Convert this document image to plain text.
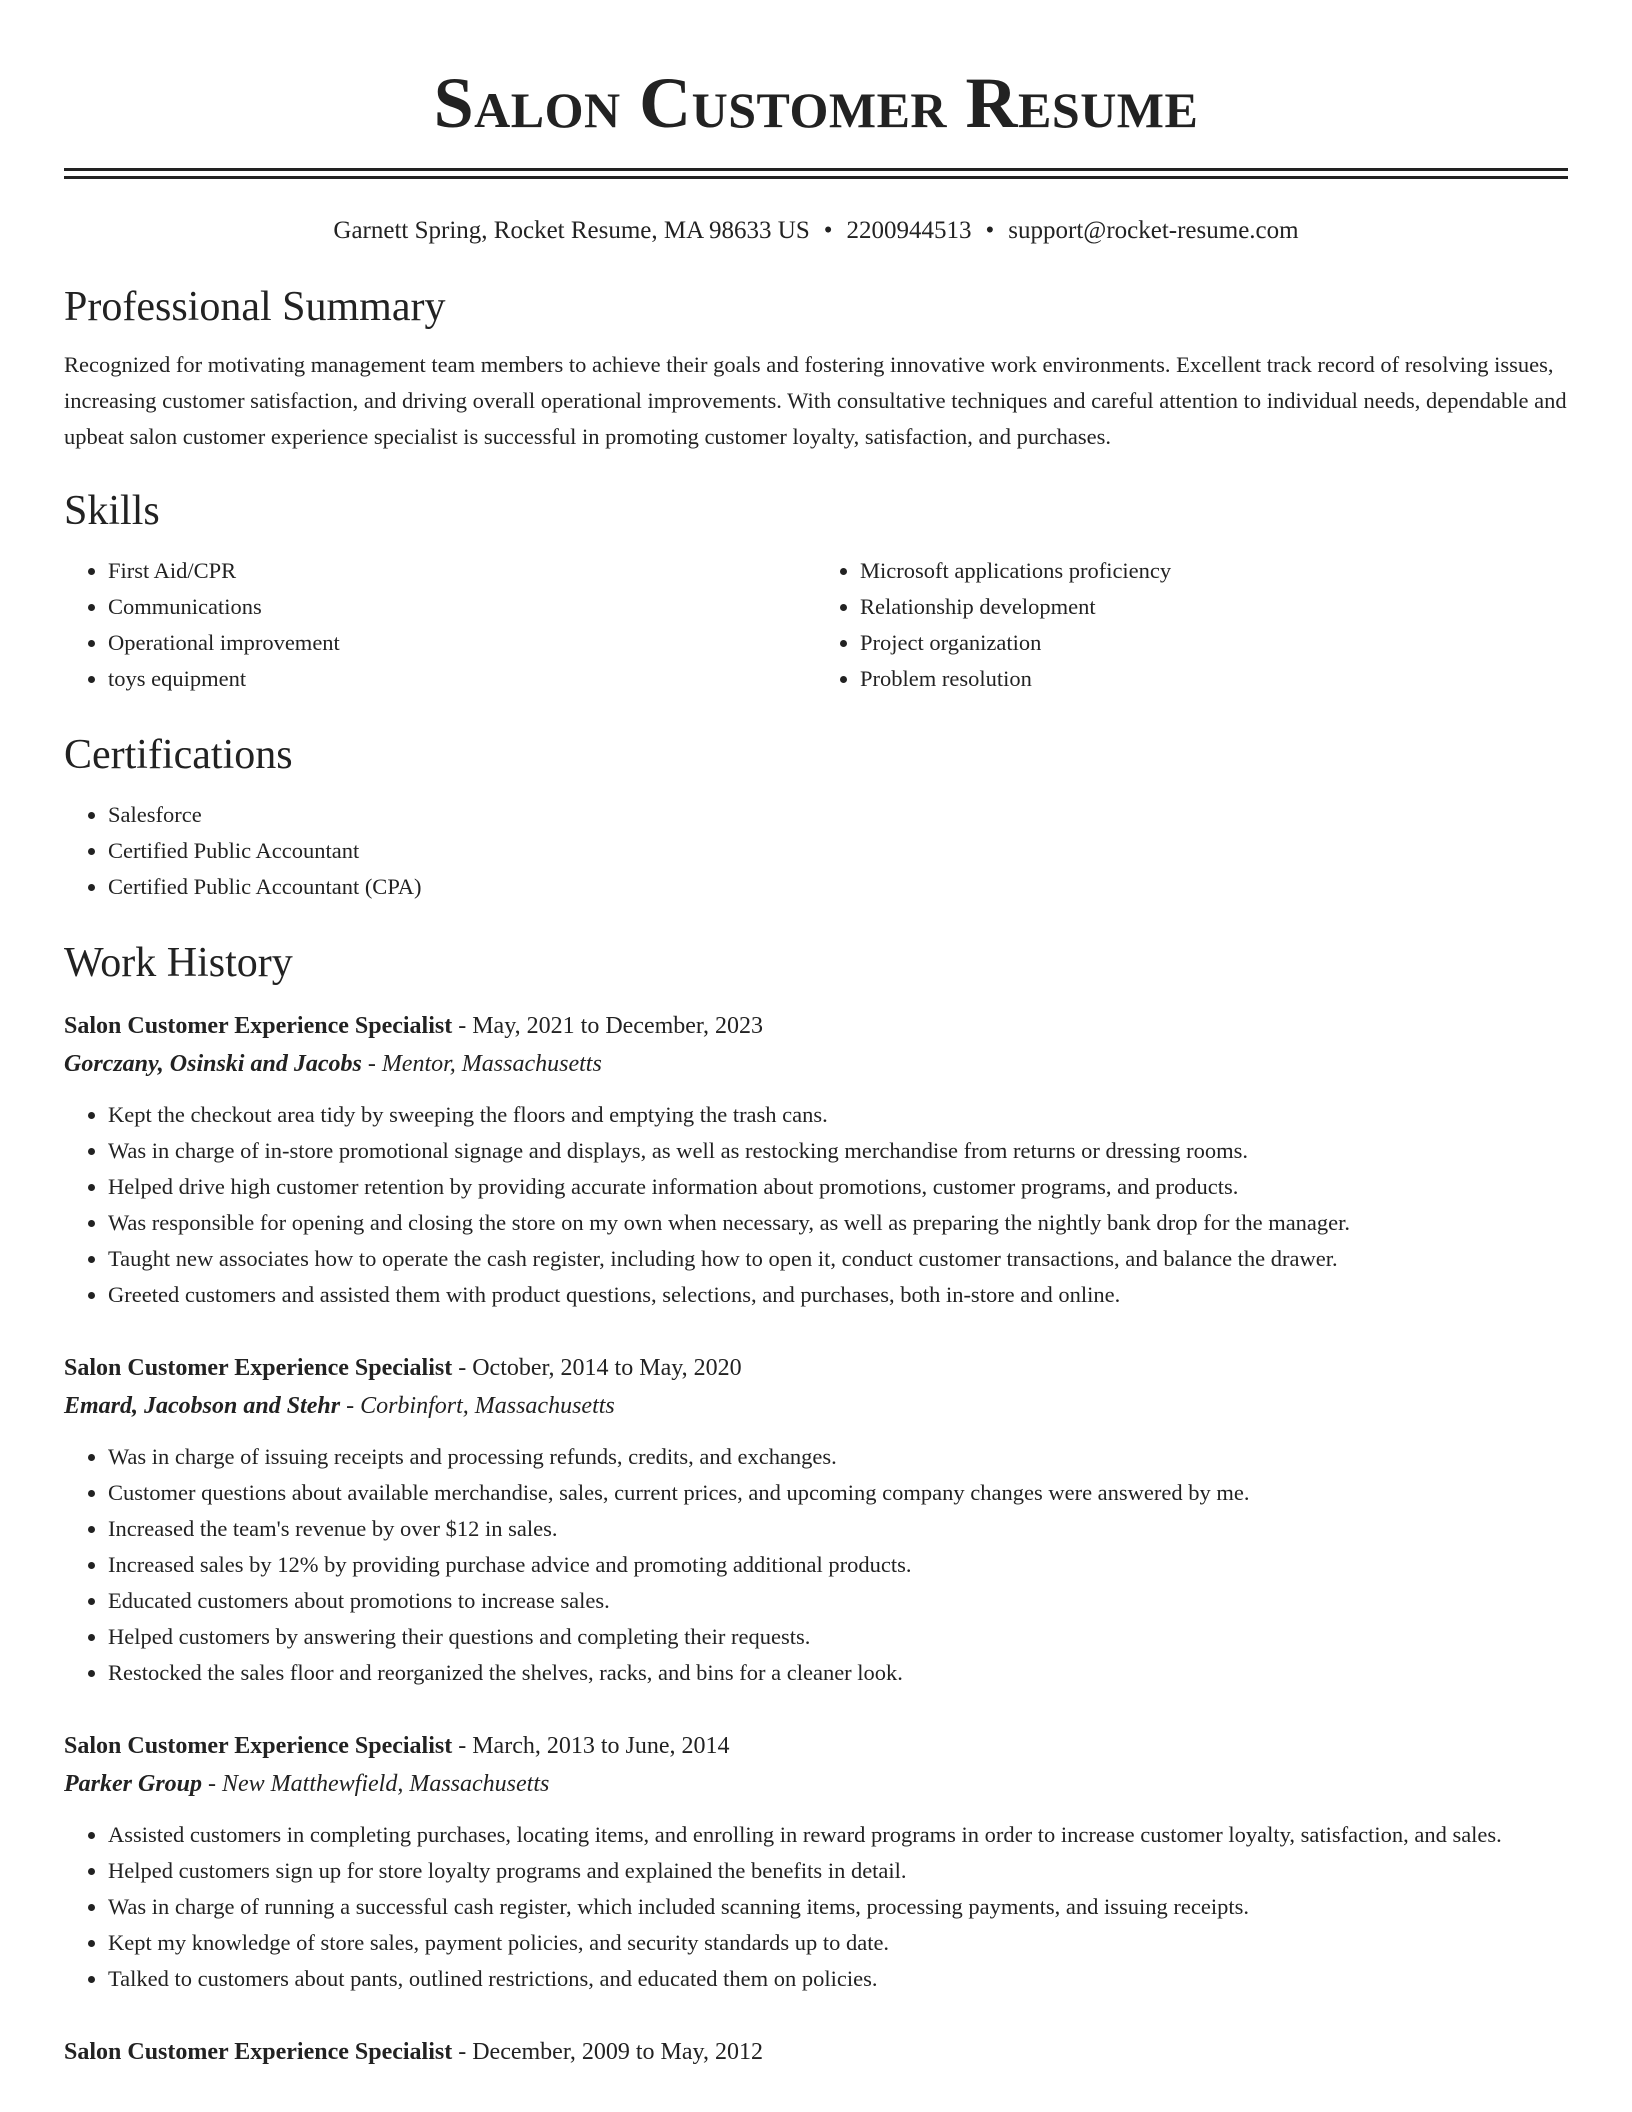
Salon Customer Resume
Garnett Spring, Rocket Resume, MA 98633 US • 2200944513 • support@rocket-resume.com
Professional Summary

Recognized for motivating management team members to achieve their goals and fostering innovative work environments. Excellent track record of resolving issues, increasing customer satisfaction, and driving overall operational improvements. With consultative techniques and careful attention to individual needs, dependable and upbeat salon customer experience specialist is successful in promoting customer loyalty, satisfaction, and purchases.

Skills
• First Aid/CPR
• Communications
• Operational improvement
• toys equipment
• Microsoft applications proficiency
• Relationship development
• Project organization
• Problem resolution
Certifications
• Salesforce
• Certified Public Accountant
• Certified Public Accountant (CPA)
Work History
Salon Customer Experience Specialist - May, 2021 to December, 2023
Gorczany, Osinski and Jacobs - Mentor, Massachusetts
• Kept the checkout area tidy by sweeping the floors and emptying the trash cans.
• Was in charge of in-store promotional signage and displays, as well as restocking merchandise from returns or dressing rooms.
• Helped drive high customer retention by providing accurate information about promotions, customer programs, and products.
• Was responsible for opening and closing the store on my own when necessary, as well as preparing the nightly bank drop for the manager.
• Taught new associates how to operate the cash register, including how to open it, conduct customer transactions, and balance the drawer.
• Greeted customers and assisted them with product questions, selections, and purchases, both in-store and online.
Salon Customer Experience Specialist - October, 2014 to May, 2020
Emard, Jacobson and Stehr - Corbinfort, Massachusetts
• Was in charge of issuing receipts and processing refunds, credits, and exchanges.
• Customer questions about available merchandise, sales, current prices, and upcoming company changes were answered by me.
• Increased the team's revenue by over $12 in sales.
• Increased sales by 12% by providing purchase advice and promoting additional products.
• Educated customers about promotions to increase sales.
• Helped customers by answering their questions and completing their requests.
• Restocked the sales floor and reorganized the shelves, racks, and bins for a cleaner look.
Salon Customer Experience Specialist - March, 2013 to June, 2014
Parker Group - New Matthewfield, Massachusetts
• Assisted customers in completing purchases, locating items, and enrolling in reward programs in order to increase customer loyalty, satisfaction, and sales.
• Helped customers sign up for store loyalty programs and explained the benefits in detail.
• Was in charge of running a successful cash register, which included scanning items, processing payments, and issuing receipts.
• Kept my knowledge of store sales, payment policies, and security standards up to date.
• Talked to customers about pants, outlined restrictions, and educated them on policies.
Salon Customer Experience Specialist - December, 2009 to May, 2012
